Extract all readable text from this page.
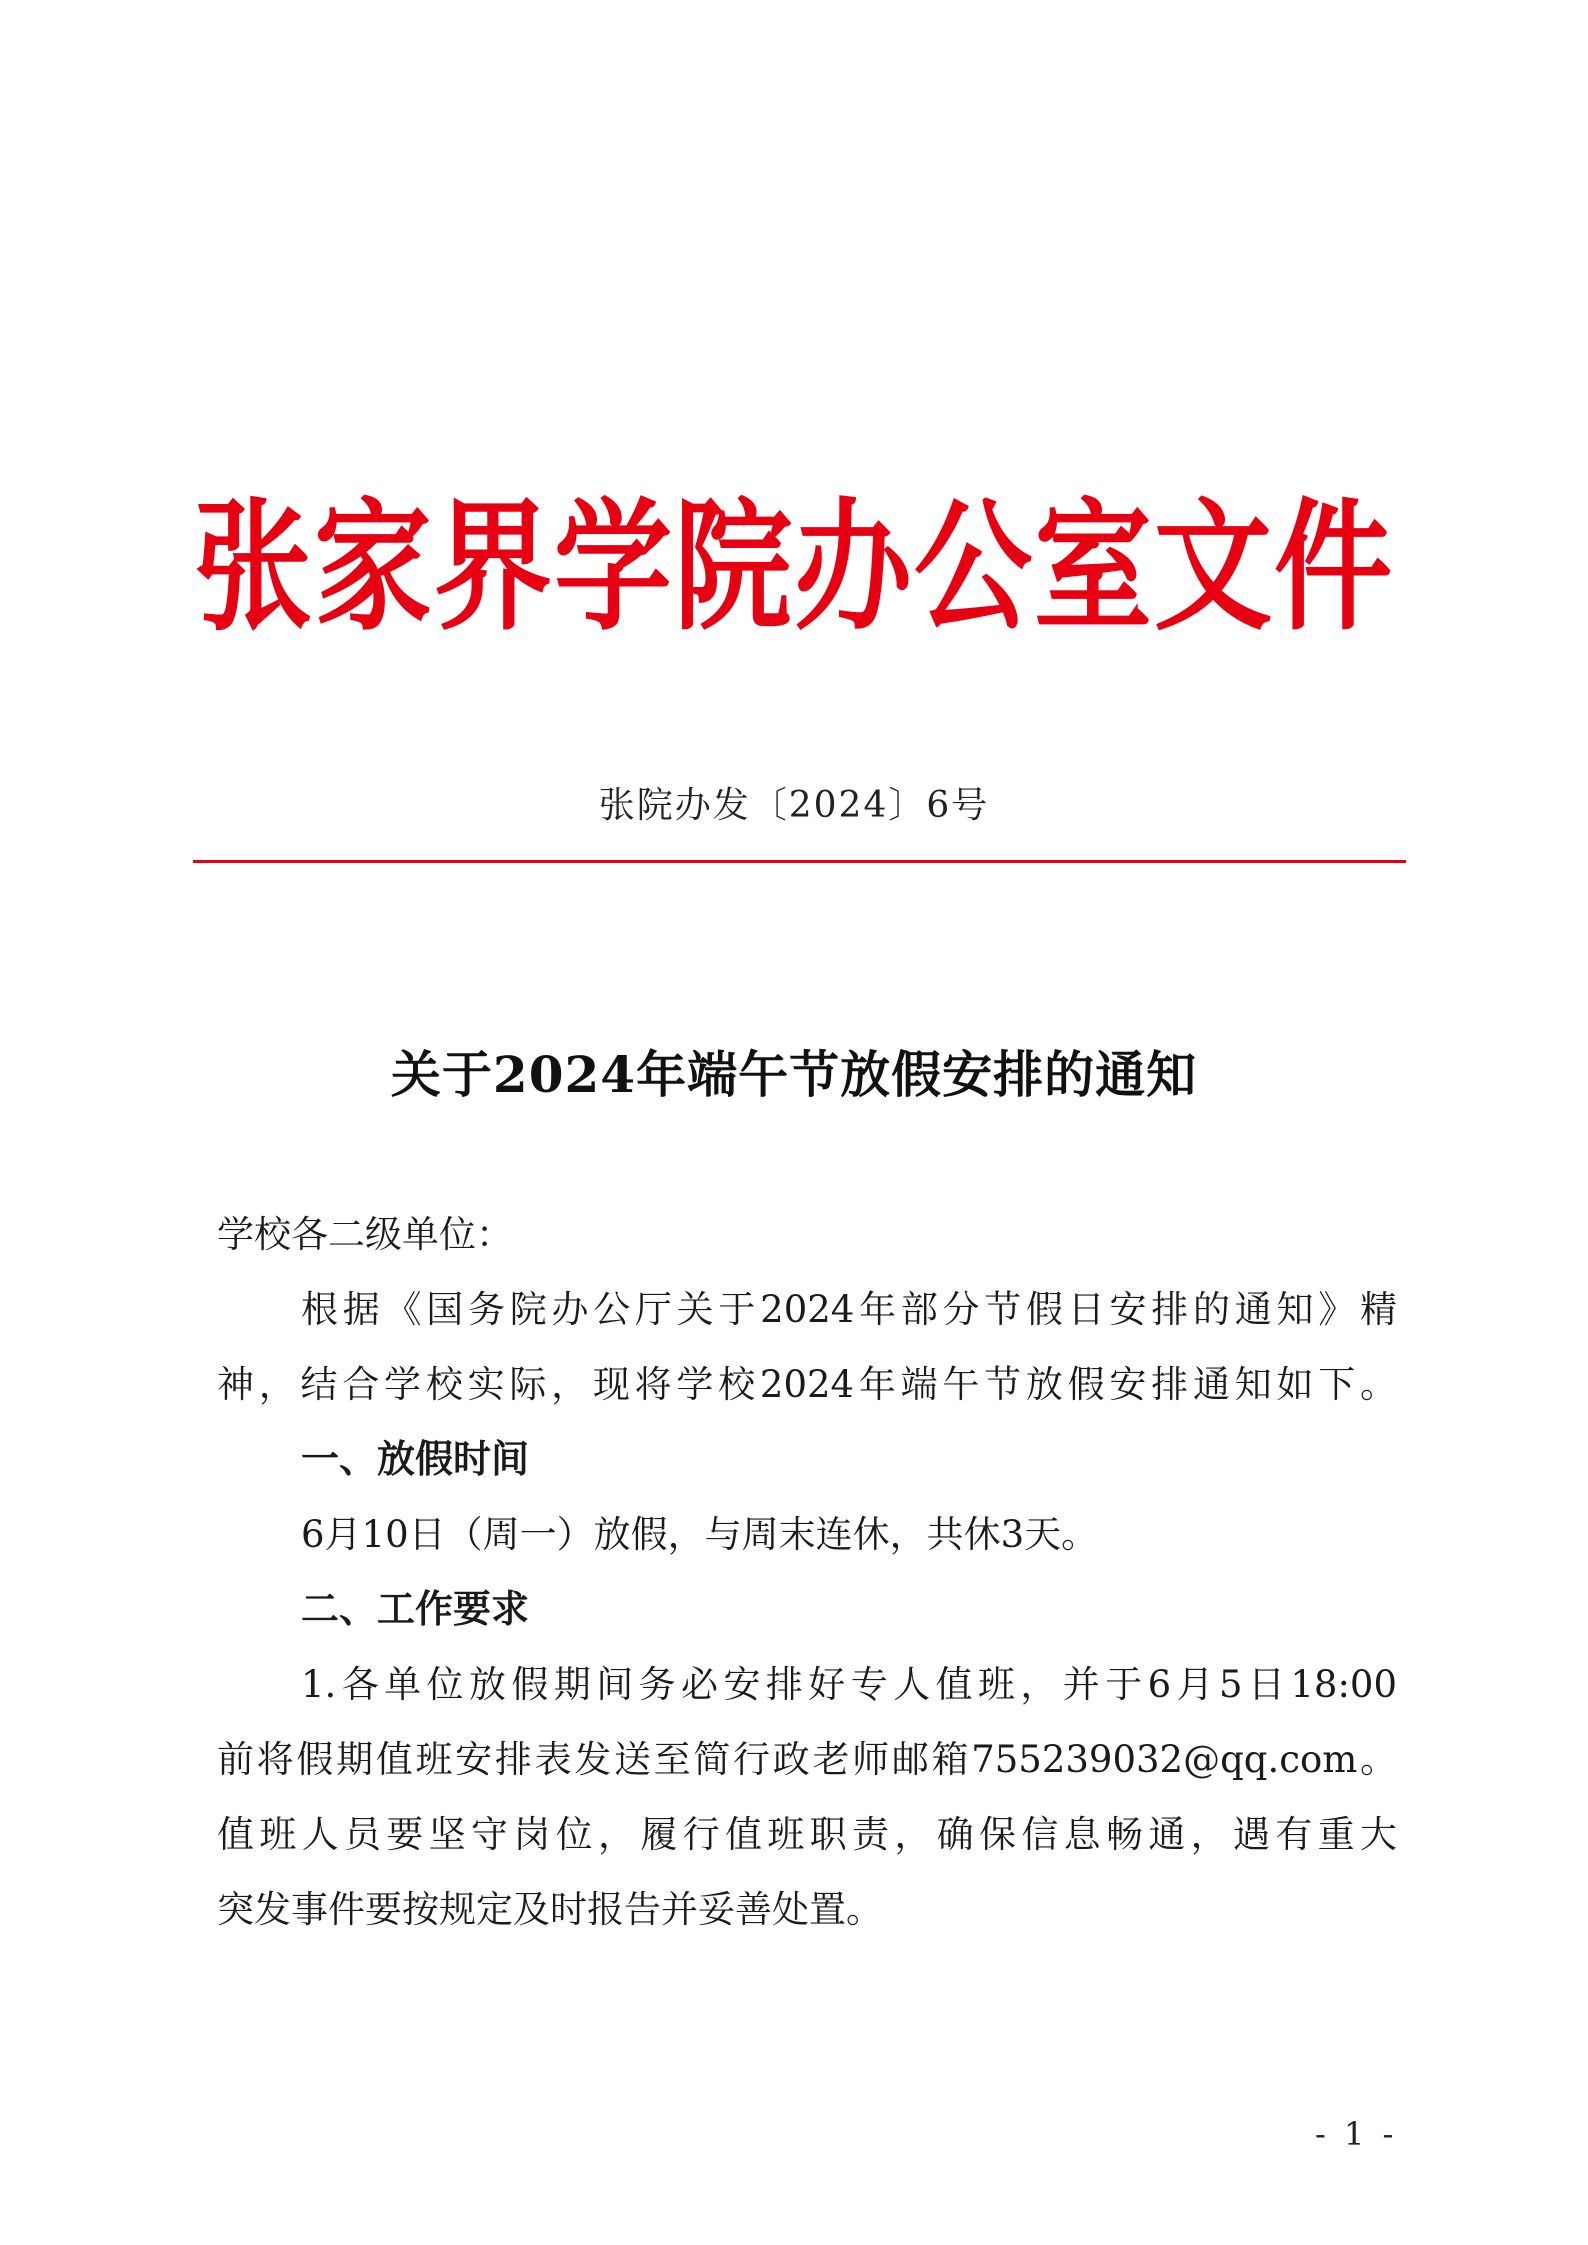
张家界学院办公室文件
张院办发〔2024〕6号
关于2024年端午节放假安排的通知
学校各二级单位：
根据《国务院办公厅关于2024年部分节假日安排的通知》精
神，结合学校实际，现将学校2024年端午节放假安排通知如下。
一、放假时间
6月10日（周一）放假，与周末连休，共休3天。
二、工作要求
1.各单位放假期间务必安排好专人值班，并于6月5日18:00
前将假期值班安排表发送至简行政老师邮箱755239032@qq.com。
值班人员要坚守岗位，履行值班职责，确保信息畅通，遇有重大
突发事件要按规定及时报告并妥善处置。
- 1 -
